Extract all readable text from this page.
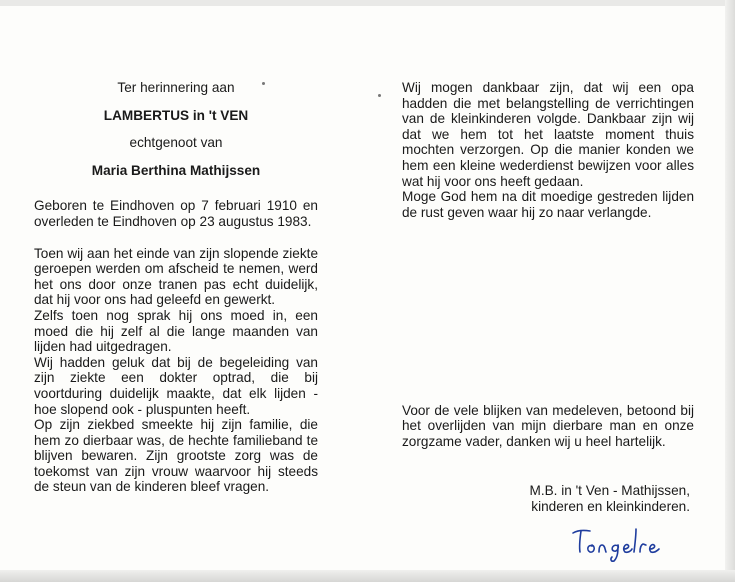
Ter herinnering aan
LAMBERTUS in 't VEN
echtgenoot van
Maria Berthina Mathijssen

Geboren te Eindhoven op 7 februari 1910 en overleden te Eindhoven op 23 augustus 1983.

Toen wij aan het einde van zijn slopende ziekte geroepen werden om afscheid te nemen, werd het ons door onze tranen pas echt duidelijk, dat hij voor ons had geleefd en gewerkt.

Zelfs toen nog sprak hij ons moed in, een moed die hij zelf al die lange maanden van lijden had uitgedragen.

Wij hadden geluk dat bij de begeleiding van zijn ziekte een dokter optrad, die bij voortduring duidelijk maakte, dat elk lijden - hoe slopend ook - pluspunten heeft.

Op zijn ziekbed smeekte hij zijn familie, die hem zo dierbaar was, de hechte familieband te blijven bewaren. Zijn grootste zorg was de toekomst van zijn vrouw waarvoor hij steeds de steun van de kinderen bleef vragen.

Wij mogen dankbaar zijn, dat wij een opa hadden die met belangstelling de verrichtingen van de kleinkinderen volgde. Dankbaar zijn wij dat we hem tot het laatste moment thuis mochten verzorgen. Op die manier konden we hem een kleine wederdienst bewijzen voor alles wat hij voor ons heeft gedaan.

Moge God hem na dit moedige gestreden lijden de rust geven waar hij zo naar verlangde.

Voor de vele blijken van medeleven, betoond bij het overlijden van mijn dierbare man en onze zorgzame vader, danken wij u heel hartelijk.

M.B. in 't Ven - Mathijssen,
kinderen en kleinkinderen.
